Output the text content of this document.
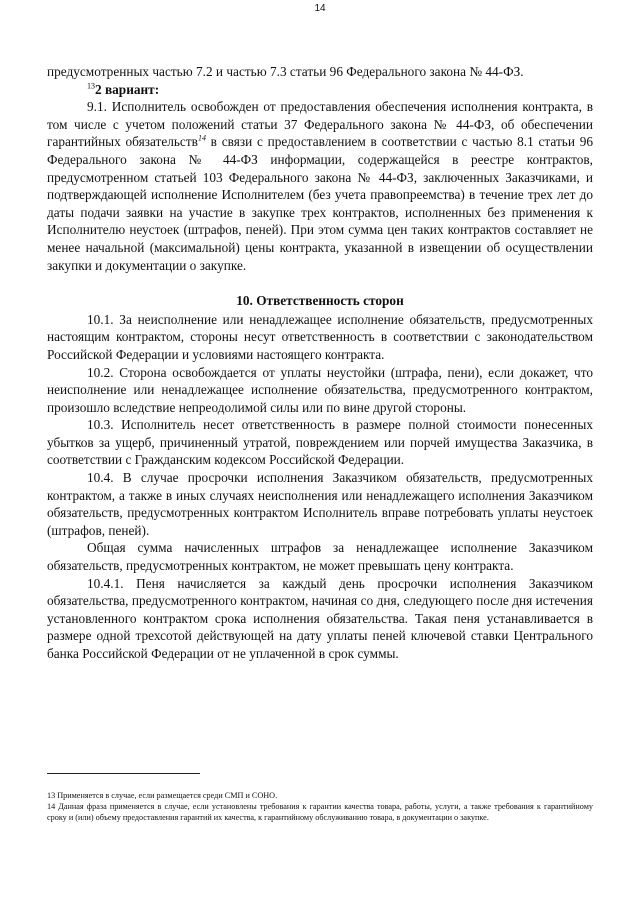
14

предусмотренных частью 7.2 и частью 7.3 статьи 96 Федерального закона № 44-ФЗ.

$^{13}$2 вариант:

9.1. Исполнитель освобожден от предоставления обеспечения исполнения контракта, в том числе с учетом положений статьи 37 Федерального закона № 44-ФЗ, об обеспечении гарантийных обязательств$^{14}$ в связи с предоставлением в соответствии с частью 8.1 статьи 96 Федерального закона № 44-ФЗ информации, содержащейся в реестре контрактов, предусмотренном статьей 103 Федерального закона № 44-ФЗ, заключенных Заказчиками, и подтверждающей исполнение Исполнителем (без учета правопреемства) в течение трех лет до даты подачи заявки на участие в закупке трех контрактов, исполненных без применения к Исполнителю неустоек (штрафов, пеней). При этом сумма цен таких контрактов составляет не менее начальной (максимальной) цены контракта, указанной в извещении об осуществлении закупки и документации о закупке.

10. Ответственность сторон

10.1. За неисполнение или ненадлежащее исполнение обязательств, предусмотренных настоящим контрактом, стороны несут ответственность в соответствии с законодательством Российской Федерации и условиями настоящего контракта.

10.2. Сторона освобождается от уплаты неустойки (штрафа, пени), если докажет, что неисполнение или ненадлежащее исполнение обязательства, предусмотренного контрактом, произошло вследствие непреодолимой силы или по вине другой стороны.

10.3. Исполнитель несет ответственность в размере полной стоимости понесенных убытков за ущерб, причиненный утратой, повреждением или порчей имущества Заказчика, в соответствии с Гражданским кодексом Российской Федерации.

10.4. В случае просрочки исполнения Заказчиком обязательств, предусмотренных контрактом, а также в иных случаях неисполнения или ненадлежащего исполнения Заказчиком обязательств, предусмотренных контрактом Исполнитель вправе потребовать уплаты неустоек (штрафов, пеней).

Общая сумма начисленных штрафов за ненадлежащее исполнение Заказчиком обязательств, предусмотренных контрактом, не может превышать цену контракта.

10.4.1. Пеня начисляется за каждый день просрочки исполнения Заказчиком обязательства, предусмотренного контрактом, начиная со дня, следующего после дня истечения установленного контрактом срока исполнения обязательства. Такая пеня устанавливается в размере одной трехсотой действующей на дату уплаты пеней ключевой ставки Центрального банка Российской Федерации от не уплаченной в срок суммы.

13 Применяется в случае, если размещается среди СМП и СОНО.

14 Данная фраза применяется в случае, если установлены требования к гарантии качества товара, работы, услуги, а также требования к гарантийному сроку и (или) объему предоставления гарантий их качества, к гарантийному обслуживанию товара, в документации о закупке.
